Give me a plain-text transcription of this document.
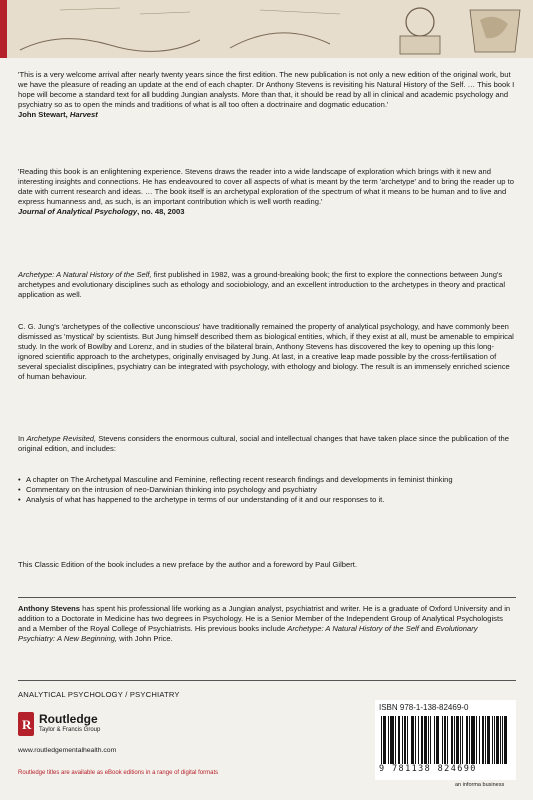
'This is a very welcome arrival after nearly twenty years since the first edition. The new publication is not only a new edition of the original work, but we have the pleasure of reading an update at the end of each chapter. Dr Anthony Stevens is revisiting his Natural History of the Self. … This book I hope will become a standard text for all budding Jungian analysts. More than that, it should be read by all in clinical and academic psychology and psychiatry so as to open the minds and traditions of what is all too often a doctrinaire and dogmatic education.'

John Stewart, Harvest

'Reading this book is an enlightening experience. Stevens draws the reader into a wide landscape of exploration which brings with it new and interesting insights and connections. He has endeavoured to cover all aspects of what is meant by the term 'archetype' and to bring the reader up to date with current research and ideas. … The book itself is an archetypal exploration of the spectrum of what it means to be human and to live and express humanness and, as such, is an important contribution which is well worth reading.'

Journal of Analytical Psychology, no. 48, 2003

Archetype: A Natural History of the Self, first published in 1982, was a ground-breaking book; the first to explore the connections between Jung's archetypes and evolutionary disciplines such as ethology and sociobiology, and an excellent introduction to the archetypes in theory and practical application as well.

C. G. Jung's 'archetypes of the collective unconscious' have traditionally remained the property of analytical psychology, and have commonly been dismissed as 'mystical' by scientists. But Jung himself described them as biological entities, which, if they exist at all, must be amenable to empirical study. In the work of Bowlby and Lorenz, and in studies of the bilateral brain, Anthony Stevens has discovered the key to opening up this long-ignored scientific approach to the archetypes, originally envisaged by Jung. At last, in a creative leap made possible by the cross-fertilisation of several specialist disciplines, psychiatry can be integrated with psychology, with ethology and biology. The result is an immensely enriched science of human behaviour.

In Archetype Revisited, Stevens considers the enormous cultural, social and intellectual changes that have taken place since the publication of the original edition, and includes:

• A chapter on The Archetypal Masculine and Feminine, reflecting recent research findings and developments in feminist thinking
• Commentary on the intrusion of neo-Darwinian thinking into psychology and psychiatry
• Analysis of what has happened to the archetype in terms of our understanding of it and our responses to it.

This Classic Edition of the book includes a new preface by the author and a foreword by Paul Gilbert.

Anthony Stevens has spent his professional life working as a Jungian analyst, psychiatrist and writer. He is a graduate of Oxford University and in addition to a Doctorate in Medicine has two degrees in Psychology. He is a Senior Member of the Independent Group of Analytical Psychologists and a Member of the Royal College of Psychiatrists. His previous books include Archetype: A Natural History of the Self and Evolutionary Psychiatry: A New Beginning, with John Price.

ANALYTICAL PSYCHOLOGY / PSYCHIATRY
R Routledge
Taylor & Francis Group
www.routledgementalhealth.com
Routledge titles are available as eBook editions in a range of digital formats
ISBN 978-1-138-82469-0
9 781138 824690
an informa business
